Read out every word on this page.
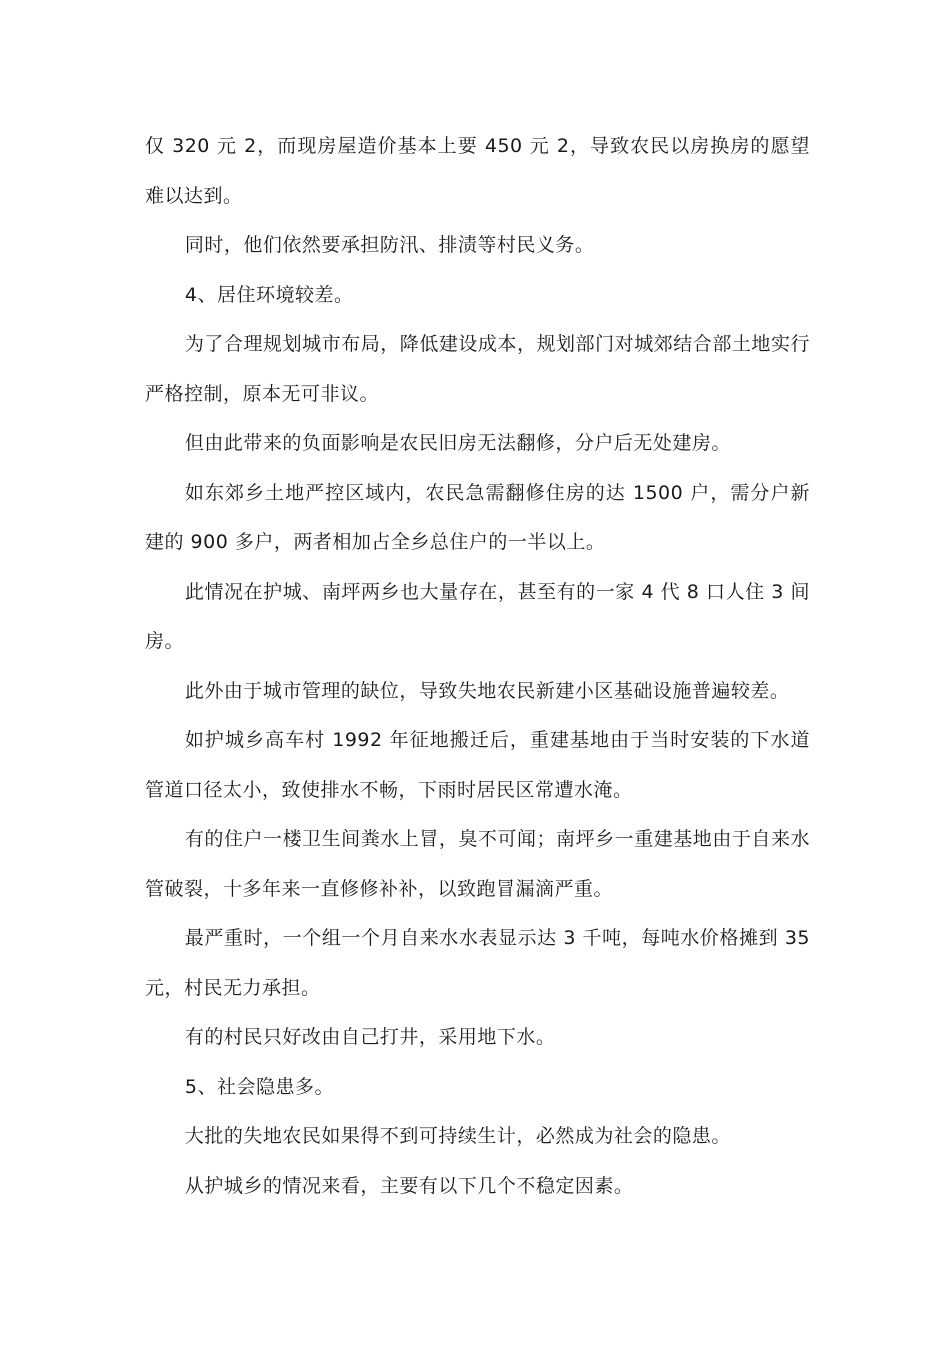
仅 320 元 2，而现房屋造价基本上要 450 元 2，导致农民以房换房的愿望难以达到。

同时，他们依然要承担防汛、排渍等村民义务。

4、居住环境较差。

为了合理规划城市布局，降低建设成本，规划部门对城郊结合部土地实行严格控制，原本无可非议。

但由此带来的负面影响是农民旧房无法翻修，分户后无处建房。

如东郊乡土地严控区域内，农民急需翻修住房的达 1500 户，需分户新建的 900 多户，两者相加占全乡总住户的一半以上。

此情况在护城、南坪两乡也大量存在，甚至有的一家 4 代 8 口人住 3 间房。

此外由于城市管理的缺位，导致失地农民新建小区基础设施普遍较差。

如护城乡高车村 1992 年征地搬迁后，重建基地由于当时安装的下水道管道口径太小，致使排水不畅，下雨时居民区常遭水淹。

有的住户一楼卫生间粪水上冒，臭不可闻；南坪乡一重建基地由于自来水管破裂，十多年来一直修修补补，以致跑冒漏滴严重。

最严重时，一个组一个月自来水水表显示达 3 千吨，每吨水价格摊到 35 元，村民无力承担。

有的村民只好改由自己打井，采用地下水。

5、社会隐患多。

大批的失地农民如果得不到可持续生计，必然成为社会的隐患。

从护城乡的情况来看，主要有以下几个不稳定因素。
